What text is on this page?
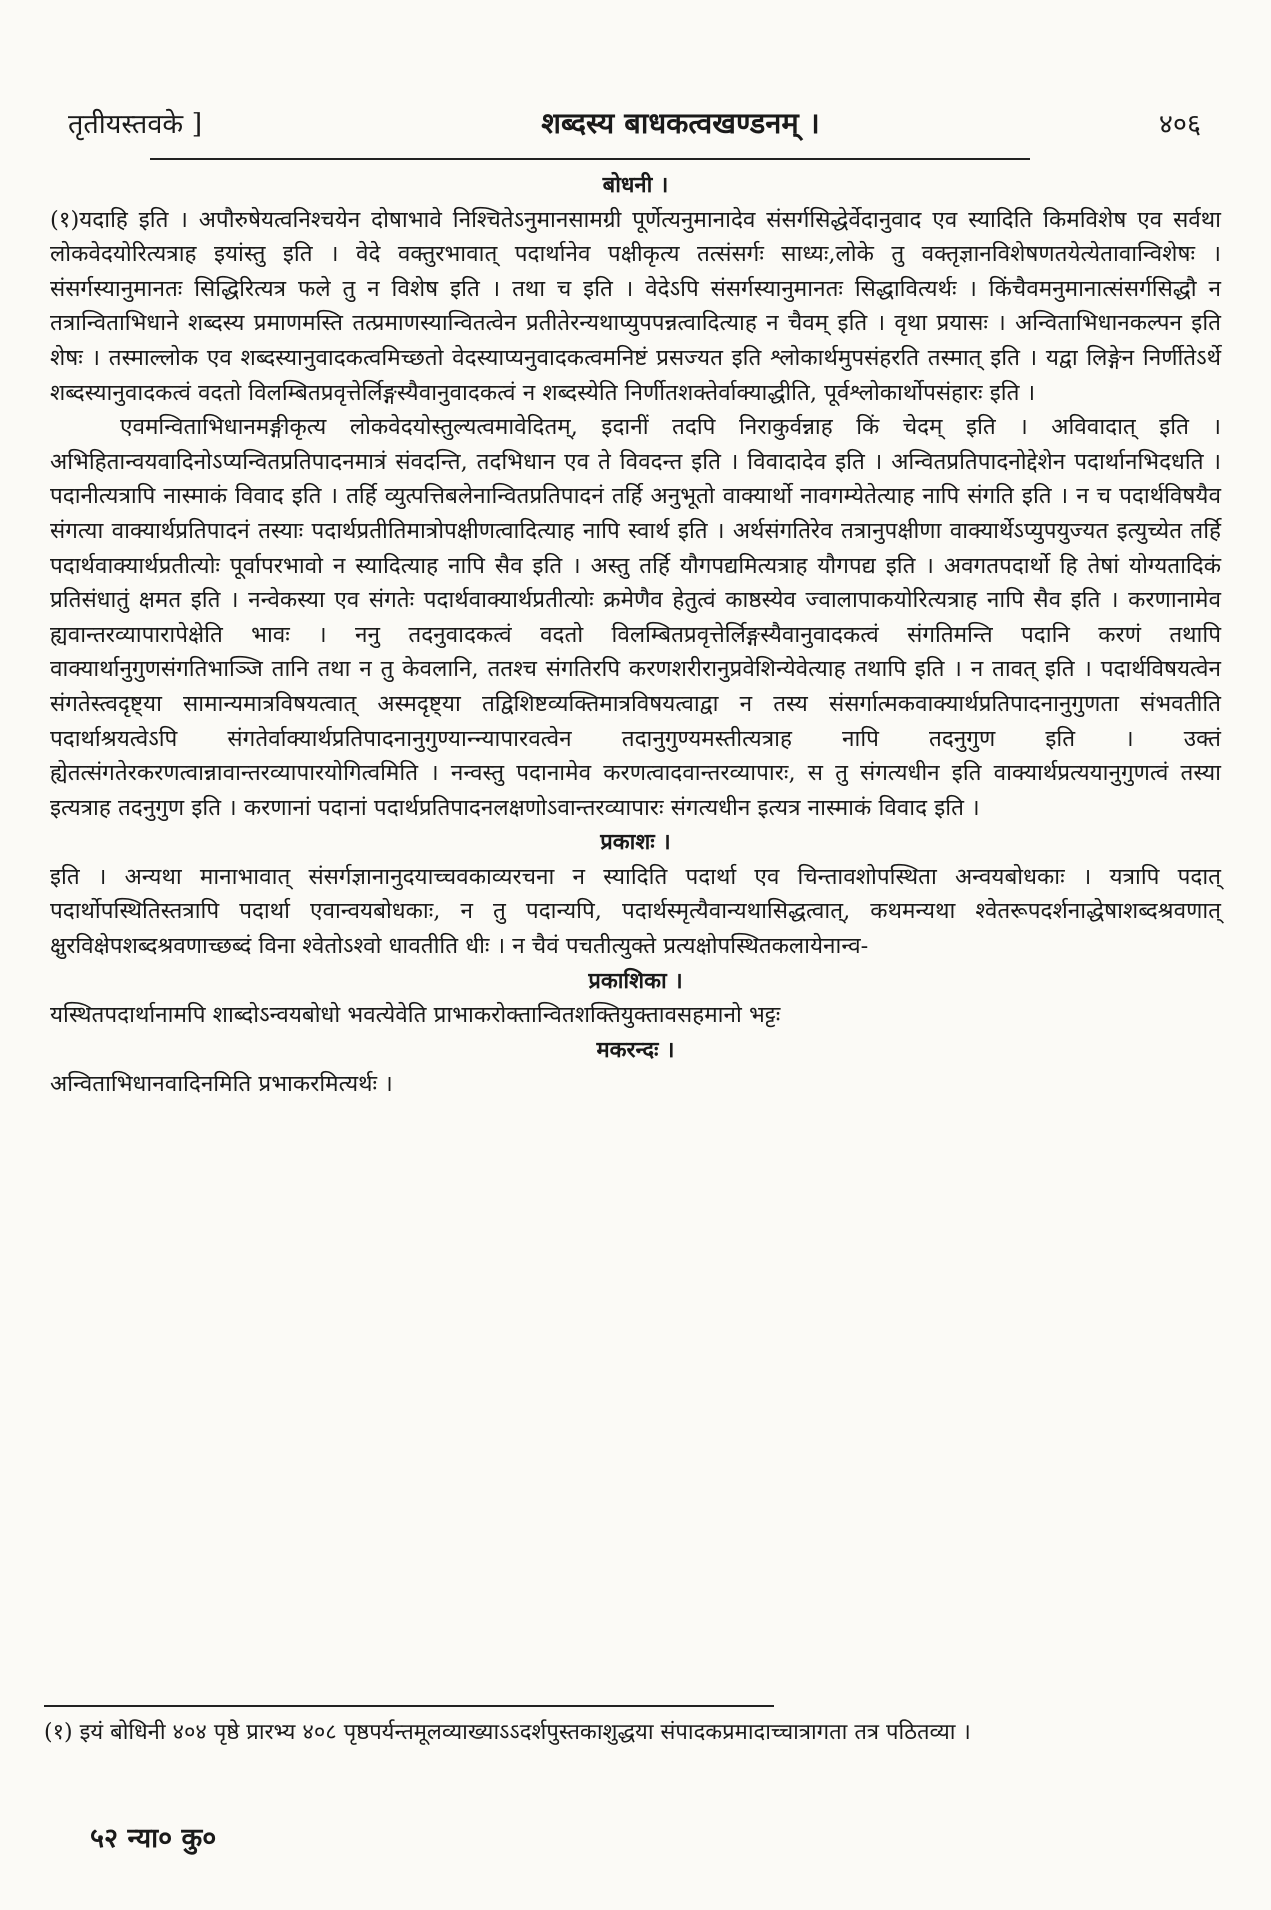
तृतीयस्तवके ]	शब्दस्य बाधकत्वखण्डनम् ।	४०६
बोधनी ।

(१)यदाहि इति । अपौरुषेयत्वनिश्चयेन दोषाभावे निश्चितेऽनुमानसामग्री पूर्णेत्यनुमानादेव संसर्गसिद्धेर्वेदानुवाद एव स्यादिति किमविशेष एव सर्वथा लोकवेदयोरित्यत्राह इयांस्तु इति । वेदे वक्तुरभावात् पदार्थानेव पक्षीकृत्य तत्संसर्गः साध्यः,लोके तु वक्तृज्ञानविशेषणतयेत्येतावान्विशेषः । संसर्गस्यानुमानतः सिद्धिरित्यत्र फले तु न विशेष इति । तथा च इति । वेदेऽपि संसर्गस्यानुमानतः सिद्धावित्यर्थः । किंचैवमनुमानात्संसर्गसिद्धौ न तत्रान्विताभिधाने शब्दस्य प्रमाणमस्ति तत्प्रमाणस्यान्वितत्वेन प्रतीतेरन्यथाप्युपपन्नत्वादित्याह न चैवम् इति । वृथा प्रयासः । अन्विताभिधानकल्पन इति शेषः । तस्माल्लोक एव शब्दस्यानुवादकत्वमिच्छतो वेदस्याप्यनुवादकत्वमनिष्टं प्रसज्यत इति श्लोकार्थमुपसंहरति तस्मात् इति । यद्वा लिङ्गेन निर्णीतेऽर्थे शब्दस्यानुवादकत्वं वदतो विलम्बितप्रवृत्तेर्लिङ्गस्यैवानुवादकत्वं न शब्दस्येति निर्णीतशक्तेर्वाक्याद्धीति, पूर्वश्लोकार्थोपसंहारः इति ।

एवमन्विताभिधानमङ्गीकृत्य लोकवेदयोस्तुल्यत्वमावेदितम्, इदानीं तदपि निराकुर्वन्नाह किं चेदम् इति । अविवादात् इति । अभिहितान्वयवादिनोऽप्यन्वितप्रतिपादनमात्रं संवदन्ति, तदभिधान एव ते विवदन्त इति । विवादादेव इति । अन्वितप्रतिपादनोद्देशेन पदार्थानभिदधति । पदानीत्यत्रापि नास्माकं विवाद इति । तर्हि व्युत्पत्तिबलेनान्वितप्रतिपादनं तर्हि अनुभूतो वाक्यार्थो नावगम्येतेत्याह नापि संगति इति । न च पदार्थविषयैव संगत्या वाक्यार्थप्रतिपादनं तस्याः पदार्थप्रतीतिमात्रोपक्षीणत्वादित्याह नापि स्वार्थ इति । अर्थसंगतिरेव तत्रानुपक्षीणा वाक्यार्थेऽप्युपयुज्यत इत्युच्येत तर्हि पदार्थवाक्यार्थप्रतीत्योः पूर्वापरभावो न स्यादित्याह नापि सैव इति । अस्तु तर्हि यौगपद्यमित्यत्राह यौगपद्य इति । अवगतपदार्थो हि तेषां योग्यतादिकं प्रतिसंधातुं क्षमत इति । नन्वेकस्या एव संगतेः पदार्थवाक्यार्थप्रतीत्योः क्रमेणैव हेतुत्वं काष्ठस्येव ज्वालापाकयोरित्यत्राह नापि सैव इति । करणानामेव ह्यवान्तरव्यापारापेक्षेति भावः । ननु तदनुवादकत्वं वदतो विलम्बितप्रवृत्तेर्लिङ्गस्यैवानुवादकत्वं संगतिमन्ति पदानि करणं तथापि वाक्यार्थानुगुणसंगतिभाञ्जि तानि तथा न तु केवलानि, ततश्च संगतिरपि करणशरीरानुप्रवेशिन्येवेत्याह तथापि इति । न तावत् इति । पदार्थविषयत्वेन संगतेस्त्वदृष्ट्या सामान्यमात्रविषयत्वात् अस्मदृष्ट्या तद्विशिष्टव्यक्तिमात्रविषयत्वाद्वा न तस्य संसर्गात्मकवाक्यार्थप्रतिपादनानुगुणता संभवतीति पदार्थाश्रयत्वेऽपि संगतेर्वाक्यार्थप्रतिपादनानुगुण्यान्न्यापारवत्वेन तदानुगुण्यमस्तीत्यत्राह नापि तदनुगुण इति । उक्तं ह्येतत्संगतेरकरणत्वान्नावान्तरव्यापारयोगित्वमिति । नन्वस्तु पदानामेव करणत्वादवान्तरव्यापारः, स तु संगत्यधीन इति वाक्यार्थप्रत्ययानुगुणत्वं तस्या इत्यत्राह तदनुगुण इति । करणानां पदानां पदार्थप्रतिपादनलक्षणोऽवान्तरव्यापारः संगत्यधीन इत्यत्र नास्माकं विवाद इति ।

प्रकाशः ।

इति । अन्यथा मानाभावात् संसर्गज्ञानानुदयाच्चवकाव्यरचना न स्यादिति पदार्था एव चिन्तावशोपस्थिता अन्वयबोधकाः । यत्रापि पदात् पदार्थोपस्थितिस्तत्रापि पदार्था एवान्वयबोधकाः, न तु पदान्यपि, पदार्थस्मृत्यैवान्यथासिद्धत्वात्, कथमन्यथा श्वेतरूपदर्शनाद्धेषाशब्दश्रवणात् क्षुरविक्षेपशब्दश्रवणाच्छब्दं विना श्वेतोऽश्वो धावतीति धीः । न चैवं पचतीत्युक्ते प्रत्यक्षोपस्थितकलायेनान्व-

प्रकाशिका ।

यस्थितपदार्थानामपि शाब्दोऽन्वयबोधो भवत्येवेति प्राभाकरोक्तान्वितशक्तियुक्तावसहमानो भट्टः

मकरन्दः ।

अन्विताभिधानवादिनमिति प्रभाकरमित्यर्थः ।

(१) इयं बोधिनी ४०४ पृष्ठे प्रारभ्य ४०८ पृष्ठपर्यन्तमूलव्याख्याऽऽदर्शपुस्तकाशुद्धया संपादकप्रमादाच्चात्रागता तत्र पठितव्या ।
५२ न्या० कु०
